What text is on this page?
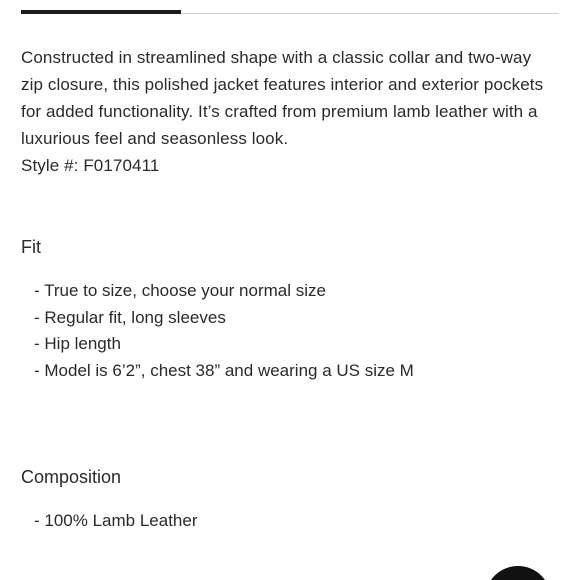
Constructed in streamlined shape with a classic collar and two-way zip closure, this polished jacket features interior and exterior pockets for added functionality. It’s crafted from premium lamb leather with a luxurious feel and seasonless look.

Style #: F0170411

Fit
- True to size, choose your normal size
- Regular fit, long sleeves
- Hip length
- Model is 6’2”, chest 38” and wearing a US size M
Composition
- 100% Lamb Leather
